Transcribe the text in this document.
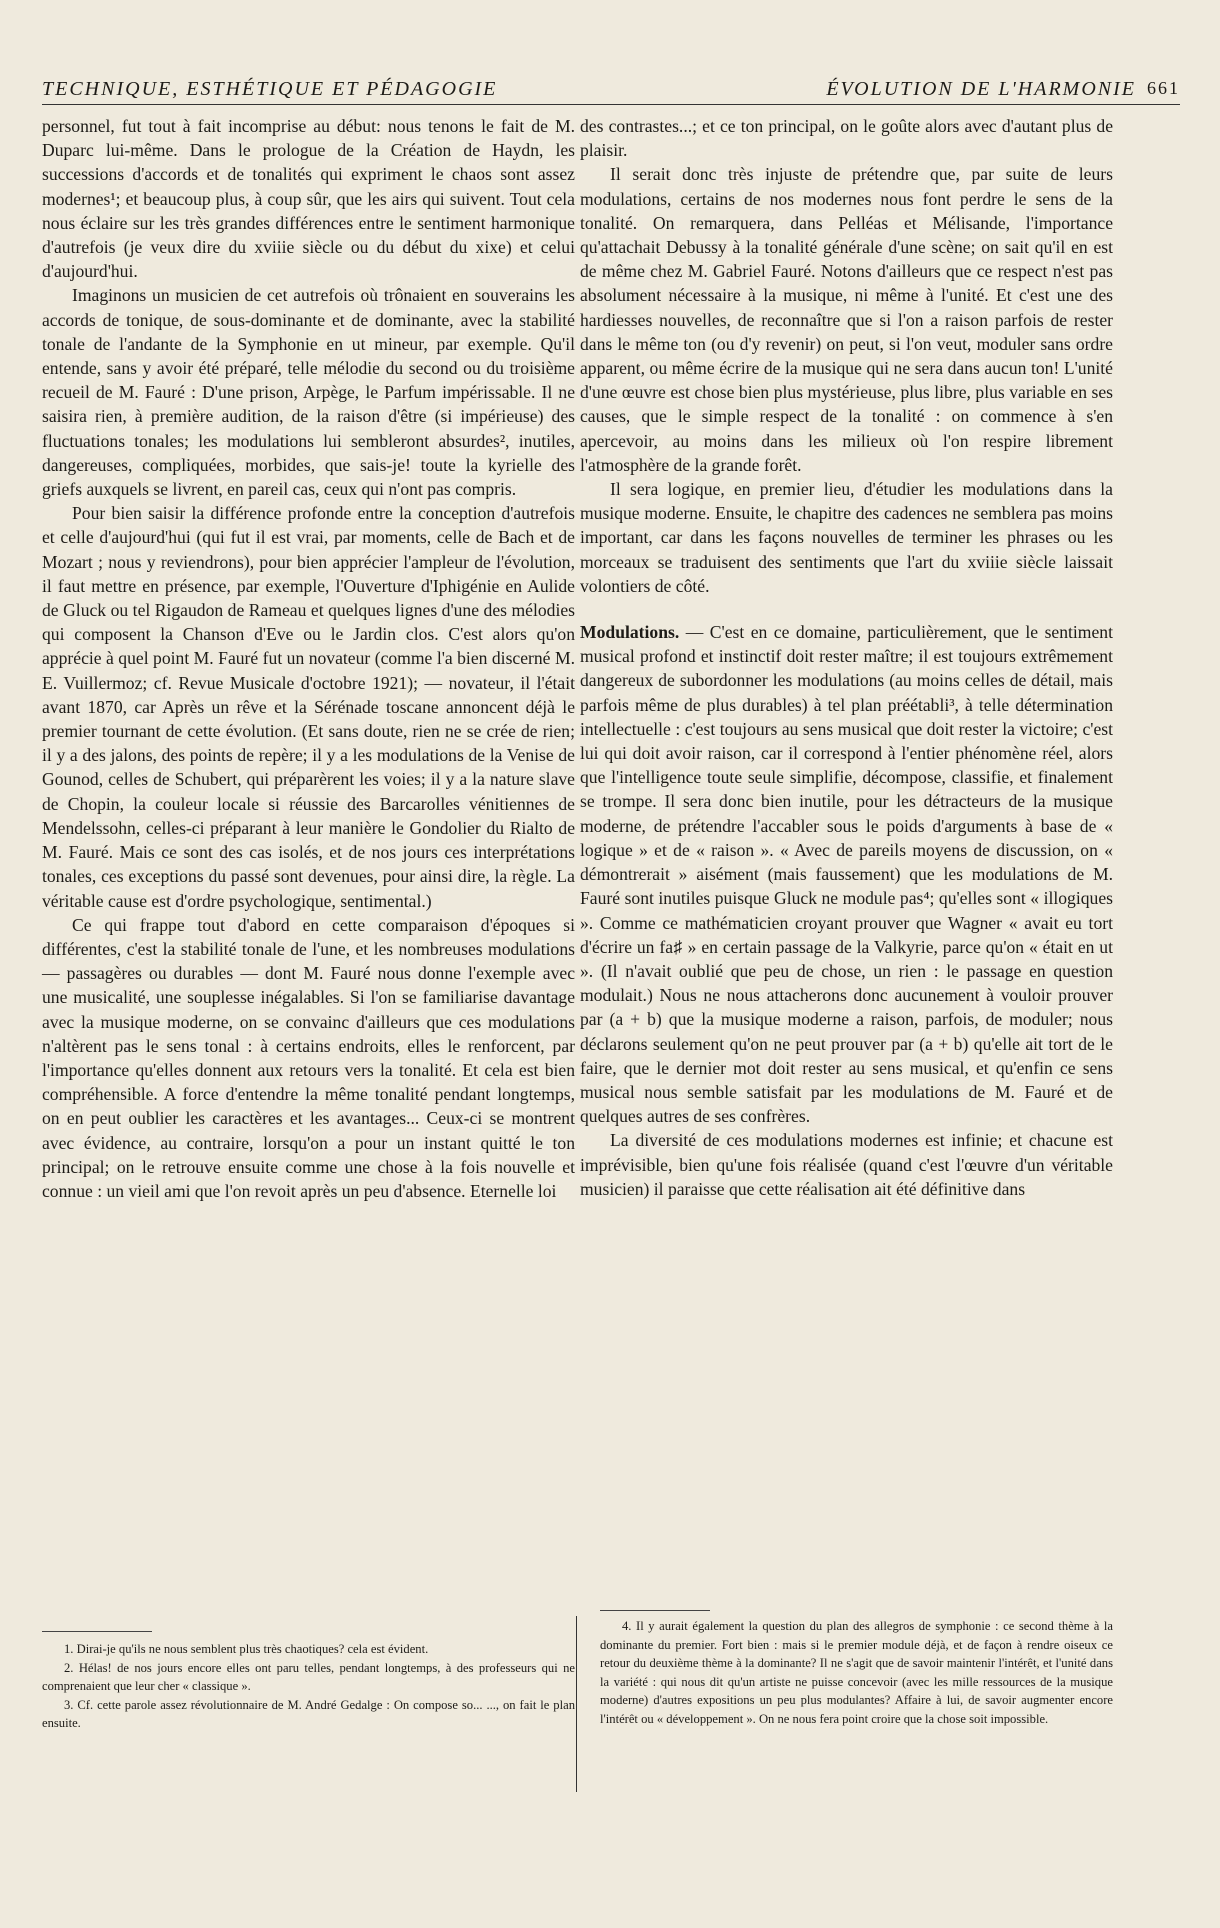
TECHNIQUE, ESTHÉTIQUE ET PÉDAGOGIE	ÉVOLUTION DE L'HARMONIE 661

personnel, fut tout à fait incomprise au début: nous tenons le fait de M. Duparc lui-même. Dans le prologue de la Création de Haydn, les successions d'accords et de tonalités qui expriment le chaos sont assez modernes¹; et beaucoup plus, à coup sûr, que les airs qui suivent. Tout cela nous éclaire sur les très grandes différences entre le sentiment harmonique d'autrefois (je veux dire du xviiie siècle ou du début du xixe) et celui d'aujourd'hui.

Imaginons un musicien de cet autrefois où trônaient en souverains les accords de tonique, de sous-dominante et de dominante, avec la stabilité tonale de l'andante de la Symphonie en ut mineur, par exemple. Qu'il entende, sans y avoir été préparé, telle mélodie du second ou du troisième recueil de M. Fauré : D'une prison, Arpège, le Parfum impérissable. Il ne saisira rien, à première audition, de la raison d'être (si impérieuse) des fluctuations tonales; les modulations lui sembleront absurdes², inutiles, dangereuses, compliquées, morbides, que sais-je! toute la kyrielle des griefs auxquels se livrent, en pareil cas, ceux qui n'ont pas compris.

Pour bien saisir la différence profonde entre la conception d'autrefois et celle d'aujourd'hui (qui fut il est vrai, par moments, celle de Bach et de Mozart ; nous y reviendrons), pour bien apprécier l'ampleur de l'évolution, il faut mettre en présence, par exemple, l'Ouverture d'Iphigénie en Aulide de Gluck ou tel Rigaudon de Rameau et quelques lignes d'une des mélodies qui composent la Chanson d'Eve ou le Jardin clos. C'est alors qu'on apprécie à quel point M. Fauré fut un novateur (comme l'a bien discerné M. E. Vuillermoz; cf. Revue Musicale d'octobre 1921); — novateur, il l'était avant 1870, car Après un rêve et la Sérénade toscane annoncent déjà le premier tournant de cette évolution. (Et sans doute, rien ne se crée de rien; il y a des jalons, des points de repère; il y a les modulations de la Venise de Gounod, celles de Schubert, qui préparèrent les voies; il y a la nature slave de Chopin, la couleur locale si réussie des Barcarolles vénitiennes de Mendelssohn, celles-ci préparant à leur manière le Gondolier du Rialto de M. Fauré. Mais ce sont des cas isolés, et de nos jours ces interprétations tonales, ces exceptions du passé sont devenues, pour ainsi dire, la règle. La véritable cause est d'ordre psychologique, sentimental.)

Ce qui frappe tout d'abord en cette comparaison d'époques si différentes, c'est la stabilité tonale de l'une, et les nombreuses modulations — passagères ou durables — dont M. Fauré nous donne l'exemple avec une musicalité, une souplesse inégalables. Si l'on se familiarise davantage avec la musique moderne, on se convainc d'ailleurs que ces modulations n'altèrent pas le sens tonal : à certains endroits, elles le renforcent, par l'importance qu'elles donnent aux retours vers la tonalité. Et cela est bien compréhensible. A force d'entendre la même tonalité pendant longtemps, on en peut oublier les caractères et les avantages... Ceux-ci se montrent avec évidence, au contraire, lorsqu'on a pour un instant quitté le ton principal; on le retrouve ensuite comme une chose à la fois nouvelle et connue : un vieil ami que l'on revoit après un peu d'absence. Eternelle loi

des contrastes...; et ce ton principal, on le goûte alors avec d'autant plus de plaisir.

Il serait donc très injuste de prétendre que, par suite de leurs modulations, certains de nos modernes nous font perdre le sens de la tonalité. On remarquera, dans Pelléas et Mélisande, l'importance qu'attachait Debussy à la tonalité générale d'une scène; on sait qu'il en est de même chez M. Gabriel Fauré. Notons d'ailleurs que ce respect n'est pas absolument nécessaire à la musique, ni même à l'unité. Et c'est une des hardiesses nouvelles, de reconnaître que si l'on a raison parfois de rester dans le même ton (ou d'y revenir) on peut, si l'on veut, moduler sans ordre apparent, ou même écrire de la musique qui ne sera dans aucun ton! L'unité d'une œuvre est chose bien plus mystérieuse, plus libre, plus variable en ses causes, que le simple respect de la tonalité : on commence à s'en apercevoir, au moins dans les milieux où l'on respire librement l'atmosphère de la grande forêt.

Il sera logique, en premier lieu, d'étudier les modulations dans la musique moderne. Ensuite, le chapitre des cadences ne semblera pas moins important, car dans les façons nouvelles de terminer les phrases ou les morceaux se traduisent des sentiments que l'art du xviiie siècle laissait volontiers de côté.

Modulations. — C'est en ce domaine, particulièrement, que le sentiment musical profond et instinctif doit rester maître; il est toujours extrêmement dangereux de subordonner les modulations (au moins celles de détail, mais parfois même de plus durables) à tel plan préétabli³, à telle détermination intellectuelle : c'est toujours au sens musical que doit rester la victoire; c'est lui qui doit avoir raison, car il correspond à l'entier phénomène réel, alors que l'intelligence toute seule simplifie, décompose, classifie, et finalement se trompe. Il sera donc bien inutile, pour les détracteurs de la musique moderne, de prétendre l'accabler sous le poids d'arguments à base de « logique » et de « raison ». « Avec de pareils moyens de discussion, on « démontrerait » aisément (mais faussement) que les modulations de M. Fauré sont inutiles puisque Gluck ne module pas⁴; qu'elles sont « illogiques ». Comme ce mathématicien croyant prouver que Wagner « avait eu tort d'écrire un fa♯ » en certain passage de la Valkyrie, parce qu'on « était en ut ». (Il n'avait oublié que peu de chose, un rien : le passage en question modulait.) Nous ne nous attacherons donc aucunement à vouloir prouver par (a + b) que la musique moderne a raison, parfois, de moduler; nous déclarons seulement qu'on ne peut prouver par (a + b) qu'elle ait tort de le faire, que le dernier mot doit rester au sens musical, et qu'enfin ce sens musical nous semble satisfait par les modulations de M. Fauré et de quelques autres de ses confrères.

La diversité de ces modulations modernes est infinie; et chacune est imprévisible, bien qu'une fois réalisée (quand c'est l'œuvre d'un véritable musicien) il paraisse que cette réalisation ait été définitive dans

1. Dirai-je qu'ils ne nous semblent plus très chaotiques? cela est évident.

2. Hélas! de nos jours encore elles ont paru telles, pendant longtemps, à des professeurs qui ne comprenaient que leur cher « classique ».

3. Cf. cette parole assez révolutionnaire de M. André Gedalge : On compose so... ..., on fait le plan ensuite.

4. Il y aurait également la question du plan des allegros de symphonie : ce second thème à la dominante du premier. Fort bien : mais si le premier module déjà, et de façon à rendre oiseux ce retour du deuxième thème à la dominante? Il ne s'agit que de savoir maintenir l'intérêt, et l'unité dans la variété : qui nous dit qu'un artiste ne puisse concevoir (avec les mille ressources de la musique moderne) d'autres expositions un peu plus modulantes? Affaire à lui, de savoir augmenter encore l'intérêt ou « développement ». On ne nous fera point croire que la chose soit impossible.
